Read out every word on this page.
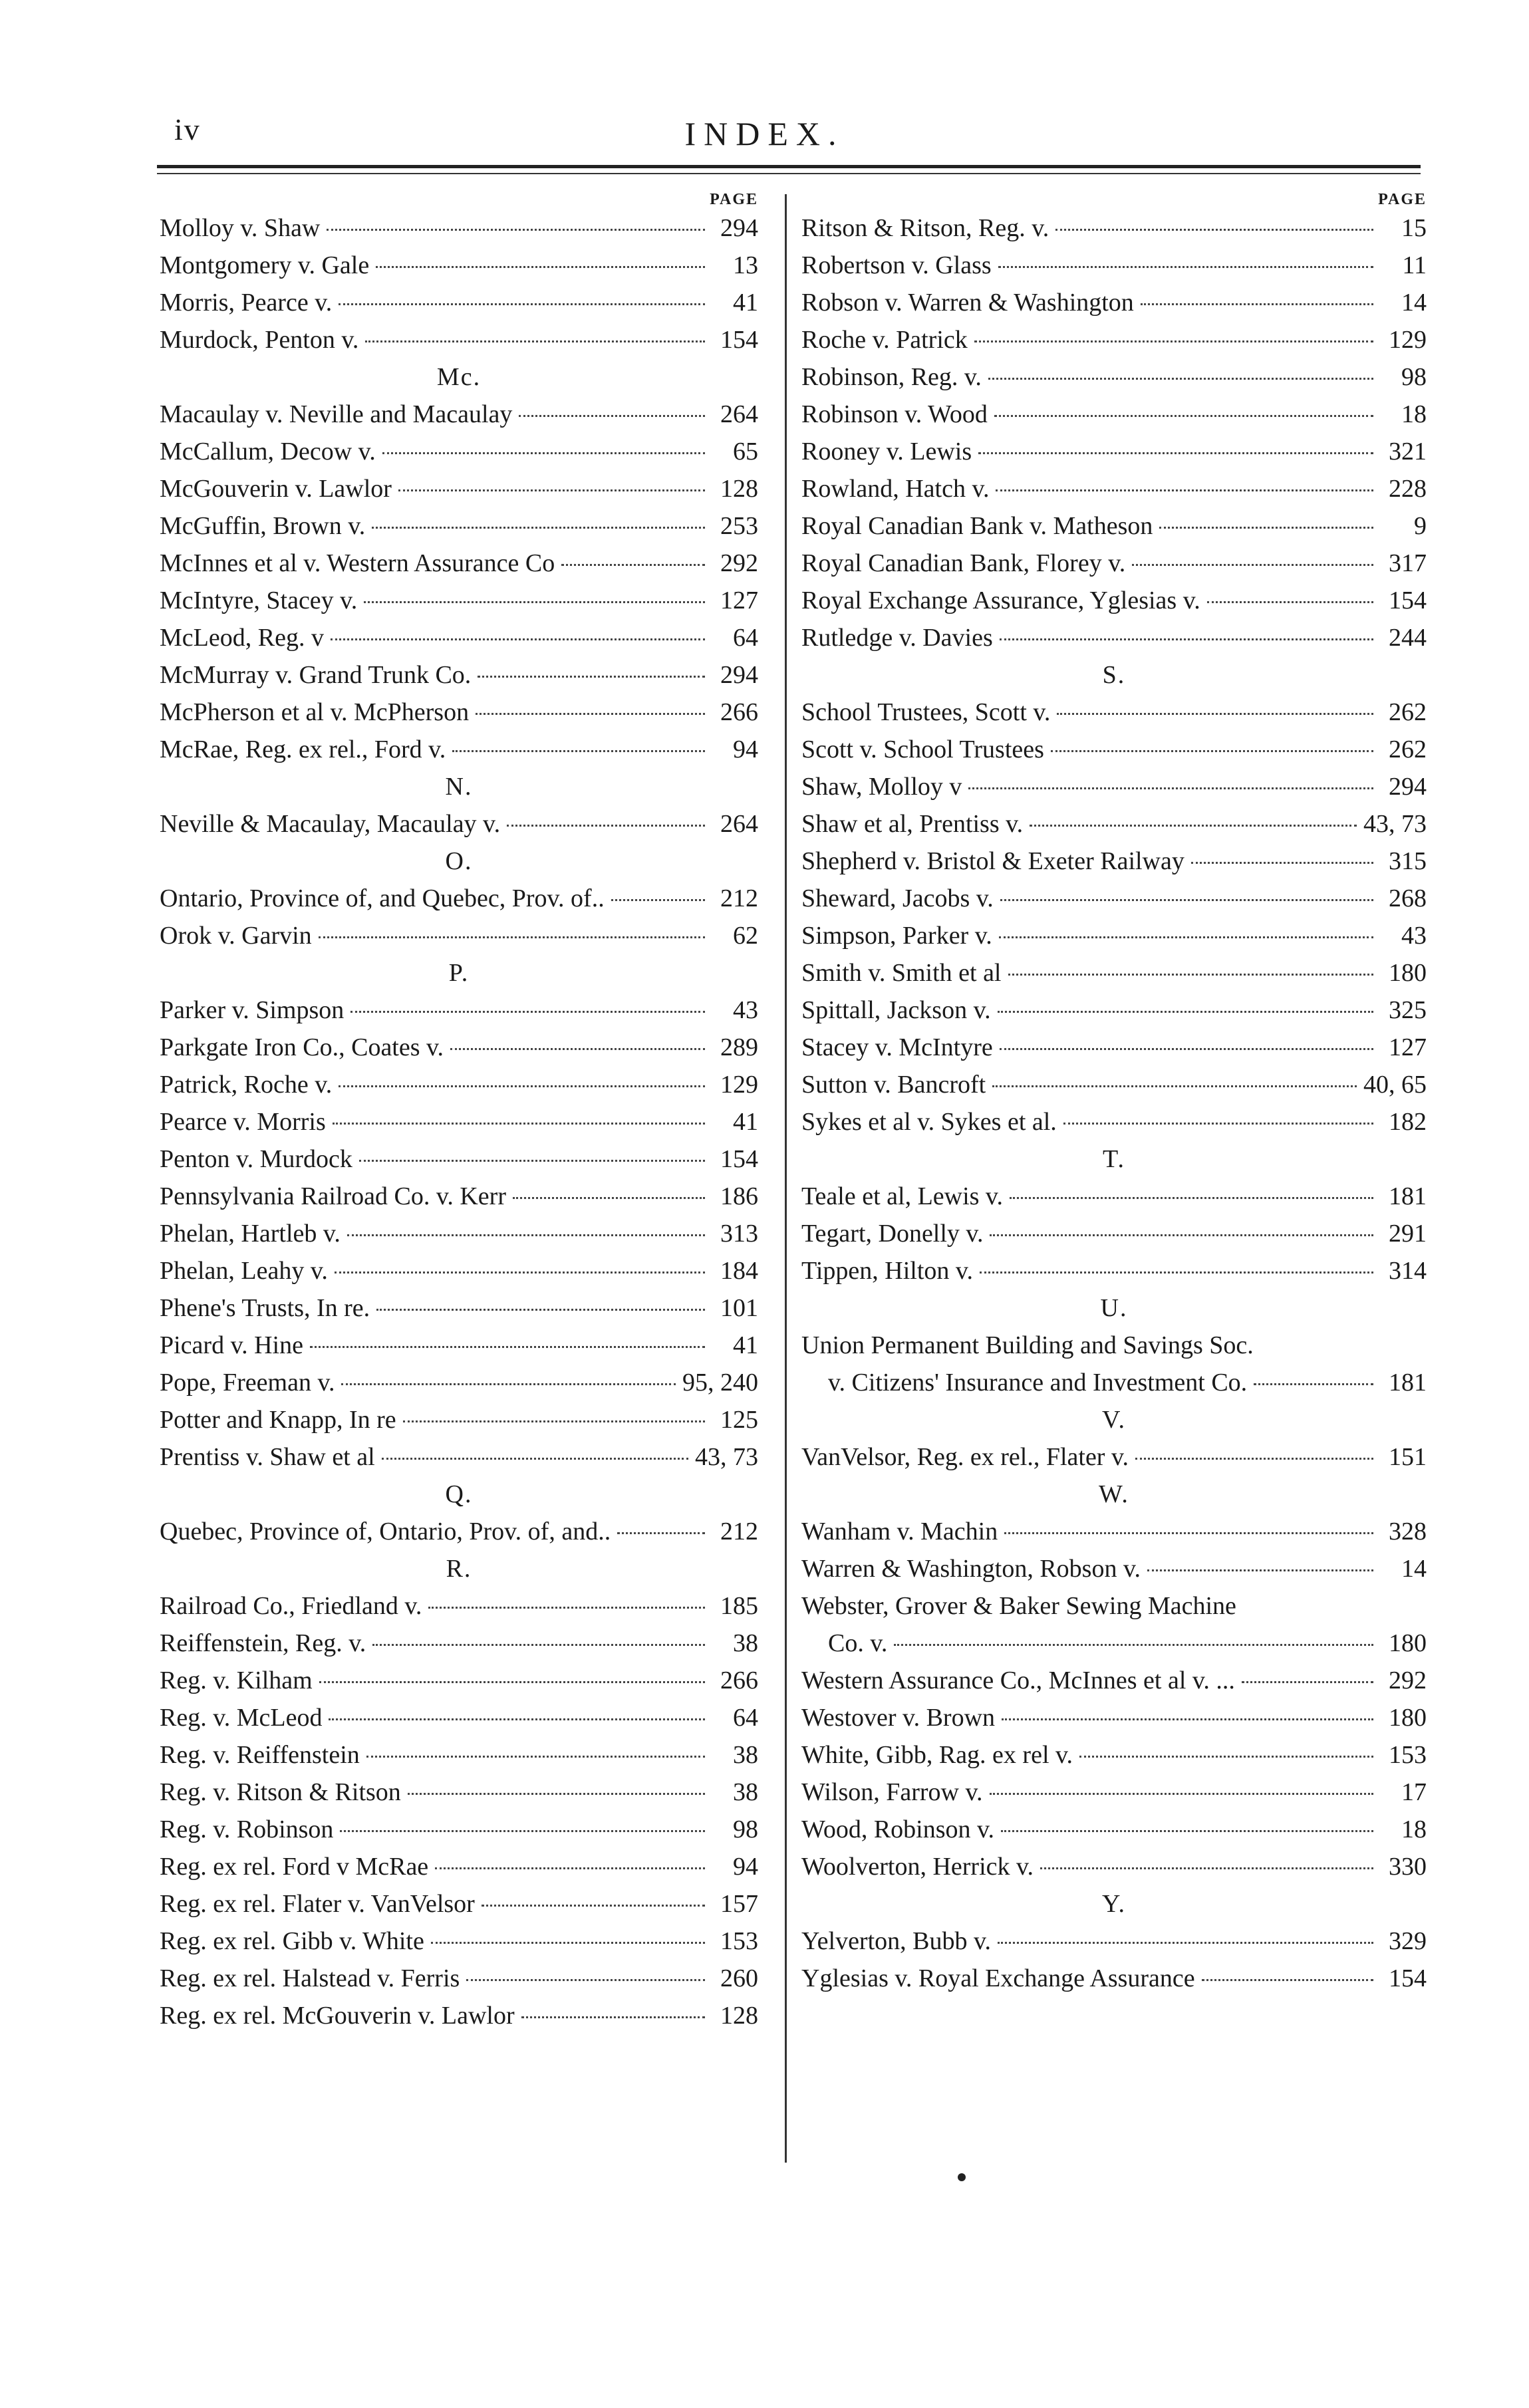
iv	INDEX.
PAGE
Molloy v. Shaw	294
Montgomery v. Gale	13
Morris, Pearce v.	41
Murdock, Penton v.	154
Mc.
Macaulay v. Neville and Macaulay	264
McCallum, Decow v.	65
McGouverin v. Lawlor	128
McGuffin, Brown v.	253
McInnes et al v. Western Assurance Co	292
McIntyre, Stacey v.	127
McLeod, Reg. v	64
McMurray v. Grand Trunk Co.	294
McPherson et al v. McPherson	266
McRae, Reg. ex rel., Ford v.	94
N.
Neville & Macaulay, Macaulay v.	264
O.
Ontario, Province of, and Quebec, Prov. of..	212
Orok v. Garvin	62
P.
Parker v. Simpson	43
Parkgate Iron Co., Coates v.	289
Patrick, Roche v.	129
Pearce v. Morris	41
Penton v. Murdock	154
Pennsylvania Railroad Co. v. Kerr	186
Phelan, Hartleb v.	313
Phelan, Leahy v.	184
Phene's Trusts, In re.	101
Picard v. Hine	41
Pope, Freeman v.	95, 240
Potter and Knapp, In re	125
Prentiss v. Shaw et al	43, 73
Q.
Quebec, Province of, Ontario, Prov. of, and..	212
R.
Railroad Co., Friedland v.	185
Reiffenstein, Reg. v.	38
Reg. v. Kilham	266
Reg. v. McLeod	64
Reg. v. Reiffenstein	38
Reg. v. Ritson & Ritson	38
Reg. v. Robinson	98
Reg. ex rel. Ford v McRae	94
Reg. ex rel. Flater v. VanVelsor	157
Reg. ex rel. Gibb v. White	153
Reg. ex rel. Halstead v. Ferris	260
Reg. ex rel. McGouverin v. Lawlor	128
PAGE
Ritson & Ritson, Reg. v.	15
Robertson v. Glass	11
Robson v. Warren & Washington	14
Roche v. Patrick	129
Robinson, Reg. v.	98
Robinson v. Wood	18
Rooney v. Lewis	321
Rowland, Hatch v.	228
Royal Canadian Bank v. Matheson	9
Royal Canadian Bank, Florey v.	317
Royal Exchange Assurance, Yglesias v.	154
Rutledge v. Davies	244
S.
School Trustees, Scott v.	262
Scott v. School Trustees	262
Shaw, Molloy v	294
Shaw et al, Prentiss v.	43, 73
Shepherd v. Bristol & Exeter Railway	315
Sheward, Jacobs v.	268
Simpson, Parker v.	43
Smith v. Smith et al	180
Spittall, Jackson v.	325
Stacey v. McIntyre	127
Sutton v. Bancroft	40, 65
Sykes et al v. Sykes et al.	182
T.
Teale et al, Lewis v.	181
Tegart, Donelly v.	291
Tippen, Hilton v.	314
U.
Union Permanent Building and Savings Soc.
v. Citizens' Insurance and Investment Co.	181
V.
VanVelsor, Reg. ex rel., Flater v.	151
W.
Wanham v. Machin	328
Warren & Washington, Robson v.	14
Webster, Grover & Baker Sewing Machine
Co. v.	180
Western Assurance Co., McInnes et al v. ...	292
Westover v. Brown	180
White, Gibb, Rag. ex rel v.	153
Wilson, Farrow v.	17
Wood, Robinson v.	18
Woolverton, Herrick v.	330
Y.
Yelverton, Bubb v.	329
Yglesias v. Royal Exchange Assurance	154
